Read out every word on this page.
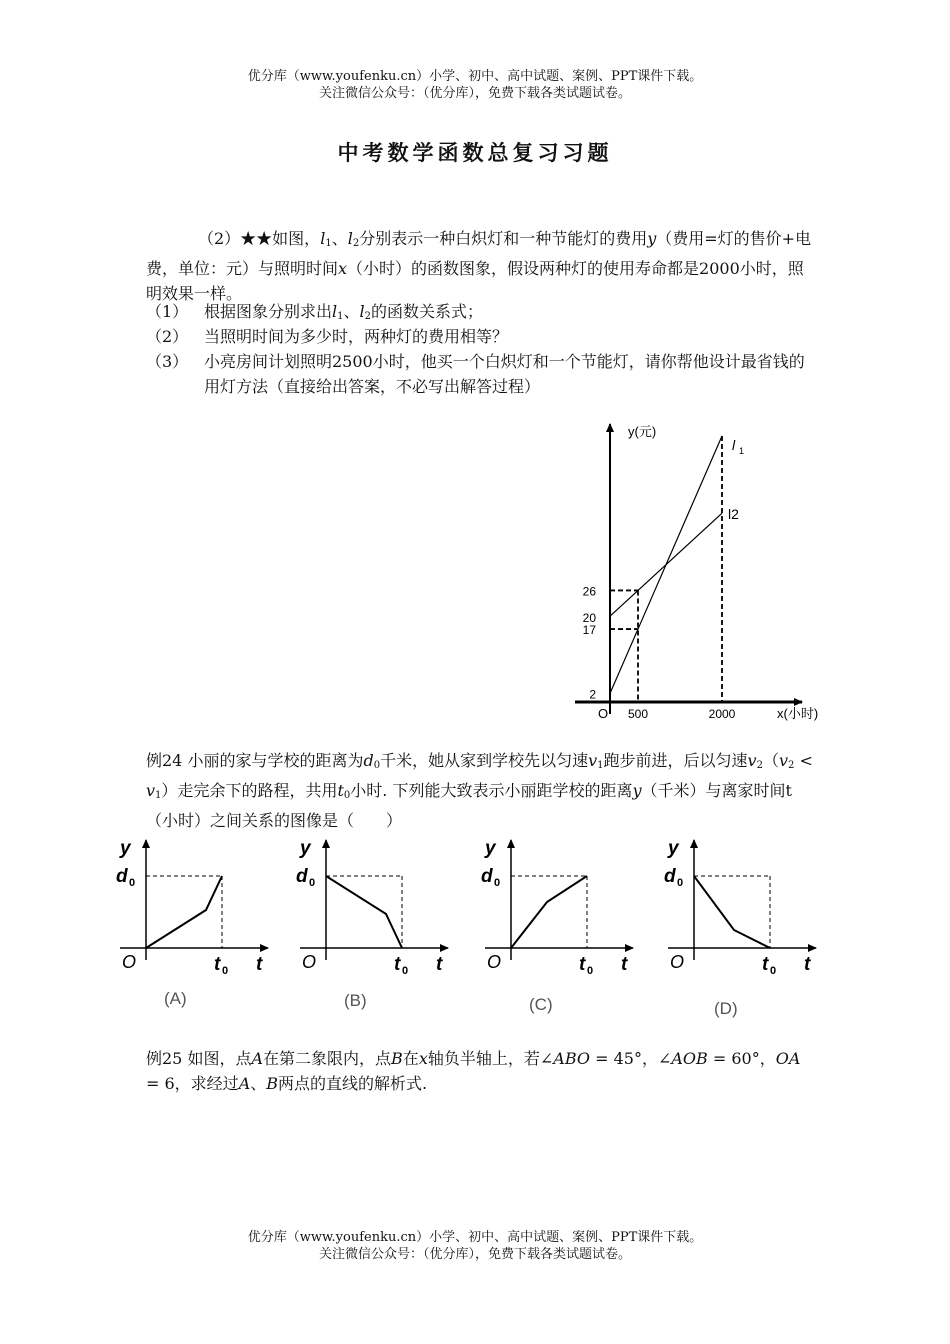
优分库（www.youfenku.cn）小学、初中、高中试题、案例、PPT课件下载。
关注微信公众号：（优分库），免费下载各类试题试卷。
中考数学函数总复习习题
（2）★★如图，$l_1$、$l_2$分别表示一种白炽灯和一种节能灯的费用y（费用=灯的售价+电费，单位：元）与照明时间x（小时）的函数图象，假设两种灯的使用寿命都是2000小时，照明效果一样。
（1） 根据图象分别求出$l_1$、$l_2$的函数关系式；
（2） 当照明时间为多少时，两种灯的费用相等？
（3） 小亮房间计划照明2500小时，他买一个白炽灯和一个节能灯，请你帮他设计最省钱的用灯方法（直接给出答案，不必写出解答过程）
26
20
17
2
500	2000
l 1
l2
y(元)
x(小时)
O
例24 小丽的家与学校的距离为$d_0$千米，她从家到学校先以匀速$v_1$跑步前进，后以匀速$v_2(v_2 < v_1)$走完余下的路程，共用$t_0$小时. 下列能大致表示小丽距学校的距离y（千米）与离家时间t（小时）之间关系的图像是（　　）
y
d 0
O	t 0 t
(A)
y
d 0
O	t 0 t
(B)
y
d 0
O	t 0 t
(C)
y
d 0
O	t 0 t
(D)
例25 如图，点A在第二象限内，点B在x轴负半轴上，若∠ABO = 45°，∠AOB = 60°，OA = 6，求经过A、B两点的直线的解析式.
优分库（www.youfenku.cn）小学、初中、高中试题、案例、PPT课件下载。
关注微信公众号：（优分库），免费下载各类试题试卷。
